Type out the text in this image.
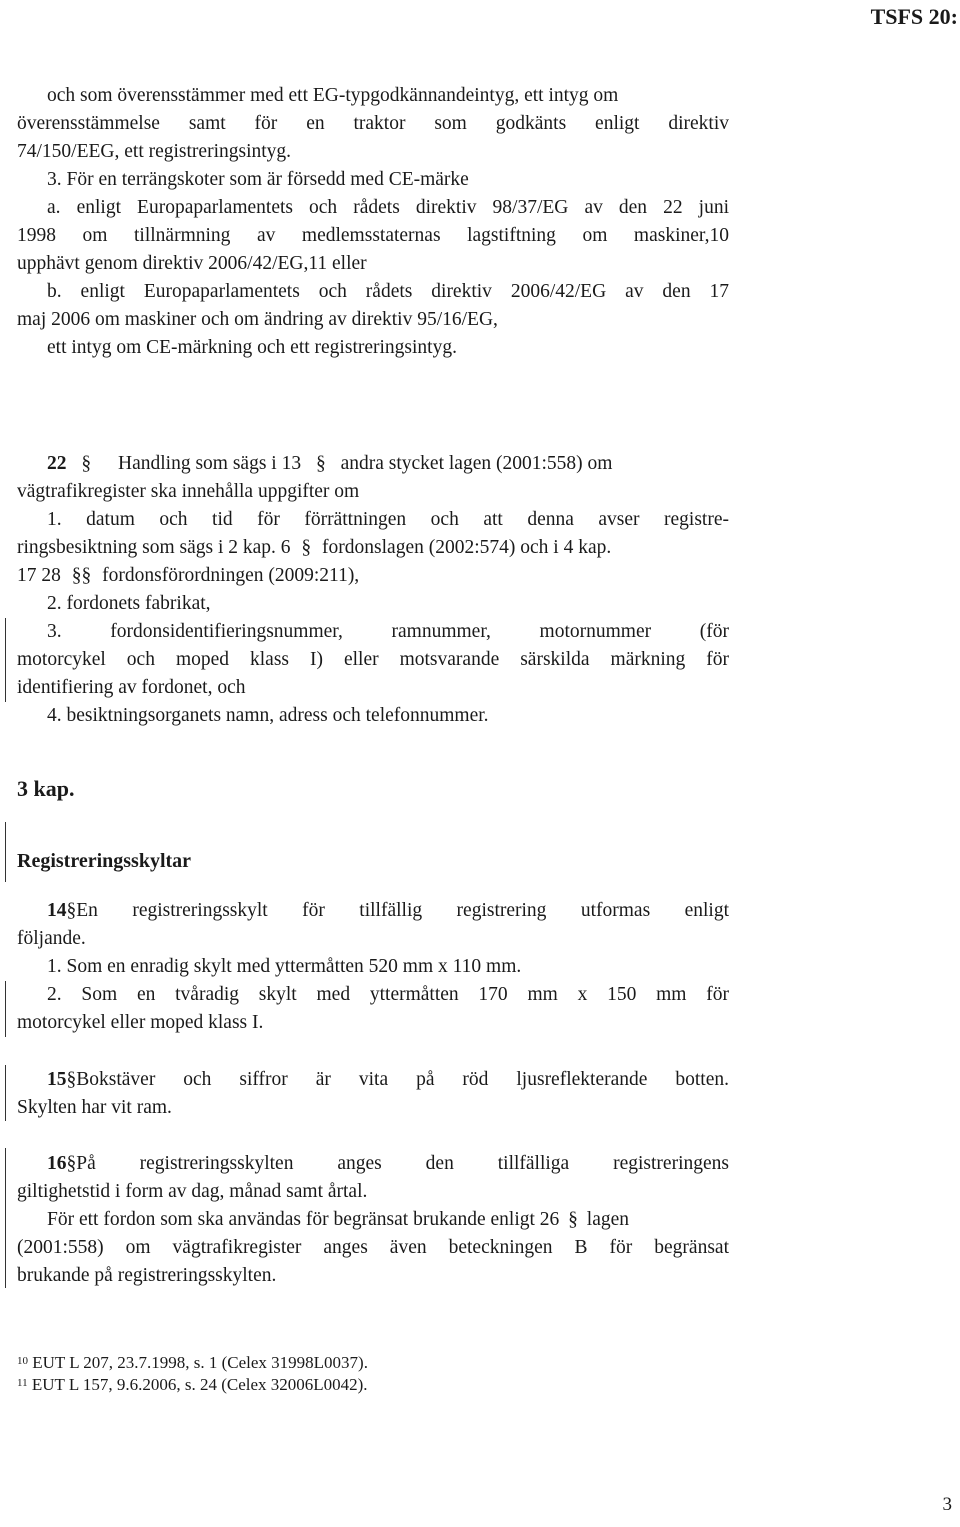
TSFS 20:
och som överensstämmer med ett EG-typgodkännandeintyg, ett intyg om
överensstämmelse samt för en traktor som godkänts enligt direktiv
74/150/EEG, ett registreringsintyg.
3. För en terrängskoter som är försedd med CE-märke
a. enligt Europaparlamentets och rådets direktiv 98/37/EG av den 22 juni
1998 om tillnärmning av medlemsstaternas lagstiftning om maskiner,10
upphävt genom direktiv 2006/42/EG,11 eller
b. enligt Europaparlamentets och rådets direktiv 2006/42/EG av den 17
maj 2006 om maskiner och om ändring av direktiv 95/16/EG,
ett intyg om CE-märkning och ett registreringsintyg.
22 § Handling som sägs i 13 § andra stycket lagen (2001:558) om
vägtrafikregister ska innehålla uppgifter om
1. datum och tid för förrättningen och att denna avser registre-
ringsbesiktning som sägs i 2 kap. 6 § fordonslagen (2002:574) och i 4 kap.
17 28 §§ fordonsförordningen (2009:211),
2. fordonets fabrikat,
3. fordonsidentifieringsnummer, ramnummer, motornummer (för
motorcykel och moped klass I) eller motsvarande särskilda märkning för
identifiering av fordonet, och
4. besiktningsorganets namn, adress och telefonnummer.
3 kap.
Registreringsskyltar
14§En registreringsskylt för tillfällig registrering utformas enligt
följande.
1. Som en enradig skylt med yttermåtten 520 mm x 110 mm.
2. Som en tvåradig skylt med yttermåtten 170 mm x 150 mm för
motorcykel eller moped klass I.
15§Bokstäver och siffror är vita på röd ljusreflekterande botten.
Skylten har vit ram.
16§På registreringsskylten anges den tillfälliga registreringens
giltighetstid i form av dag, månad samt årtal.
För ett fordon som ska användas för begränsat brukande enligt 26 § lagen
(2001:558) om vägtrafikregister anges även beteckningen B för begränsat
brukande på registreringsskylten.
$^{10}$ EUT L 207, 23.7.1998, s. 1 (Celex 31998L0037).
$^{11}$ EUT L 157, 9.6.2006, s. 24 (Celex 32006L0042).
3
